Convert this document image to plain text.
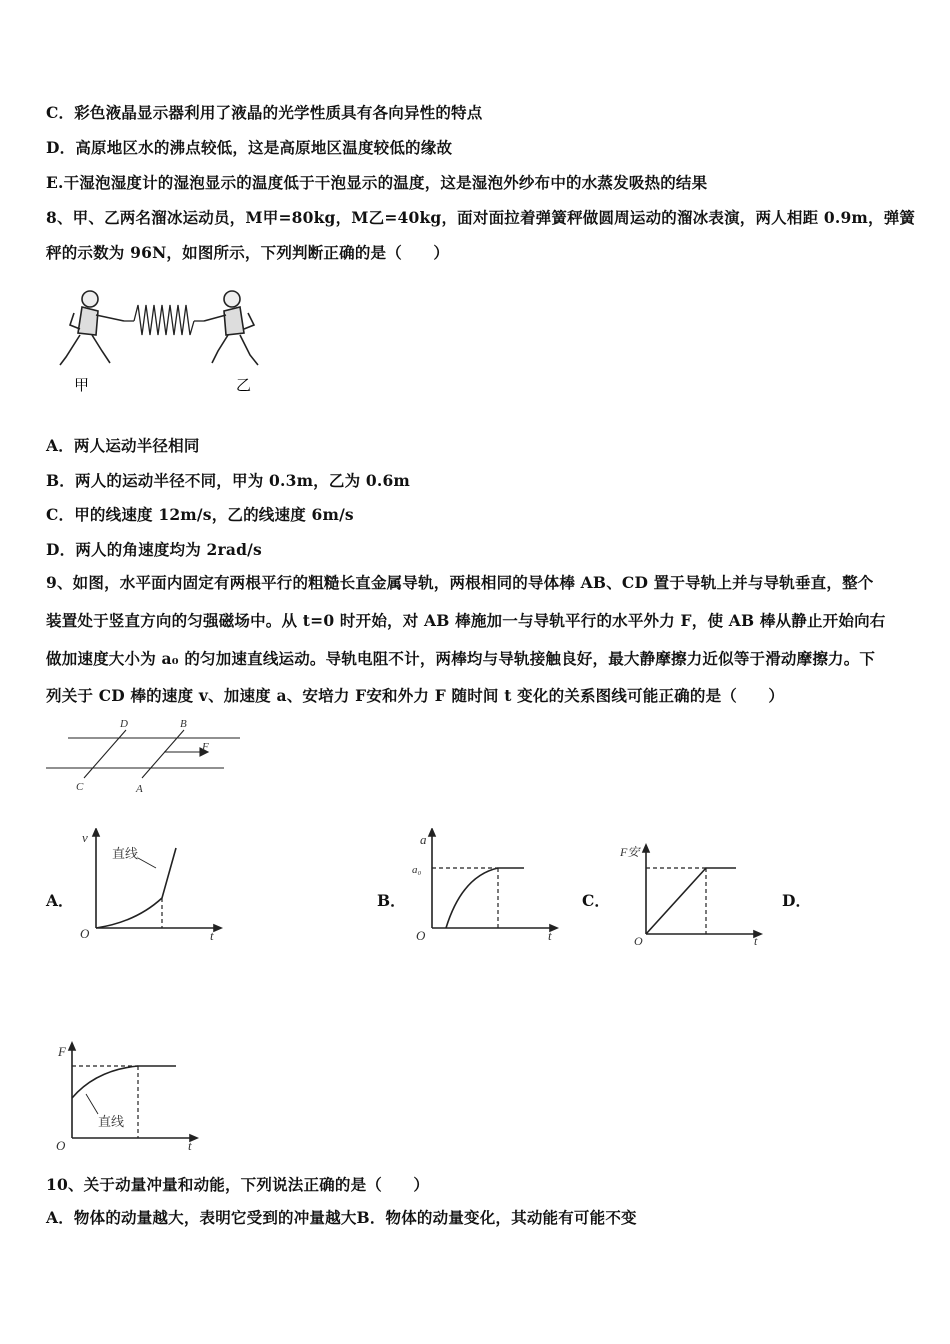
C．彩色液晶显示器利用了液晶的光学性质具有各向异性的特点
D．高原地区水的沸点较低，这是高原地区温度较低的缘故
E.干湿泡湿度计的湿泡显示的温度低于干泡显示的温度，这是湿泡外纱布中的水蒸发吸热的结果
8、甲、乙两名溜冰运动员，M甲=80kg，M乙=40kg，面对面拉着弹簧秤做圆周运动的溜冰表演，两人相距 0.9m，弹簧
秤的示数为 96N，如图所示，下列判断正确的是（　　）
甲	乙
A．两人运动半径相同
B．两人的运动半径不同，甲为 0.3m，乙为 0.6m
C．甲的线速度 12m/s，乙的线速度 6m/s
D．两人的角速度均为 2rad/s
9、如图，水平面内固定有两根平行的粗糙长直金属导轨，两根相同的导体棒 AB、CD 置于导轨上并与导轨垂直，整个
装置处于竖直方向的匀强磁场中。从 t=0 时开始，对 AB 棒施加一与导轨平行的水平外力 F，使 AB 棒从静止开始向右
做加速度大小为 a₀ 的匀加速直线运动。导轨电阻不计，两棒均与导轨接触良好，最大静摩擦力近似等于滑动摩擦力。下
列关于 CD 棒的速度 v、加速度 a、安培力 F安和外力 F 随时间 t 变化的关系图线可能正确的是（　　）
D	B
F
C	A
A．	B．	C．	D．
v
t
O
直线
a
a₀
t
O
F安
t
O
F
t
O
直线
10、关于动量冲量和动能，下列说法正确的是（　　）
A．物体的动量越大，表明它受到的冲量越大B．物体的动量变化，其动能有可能不变
